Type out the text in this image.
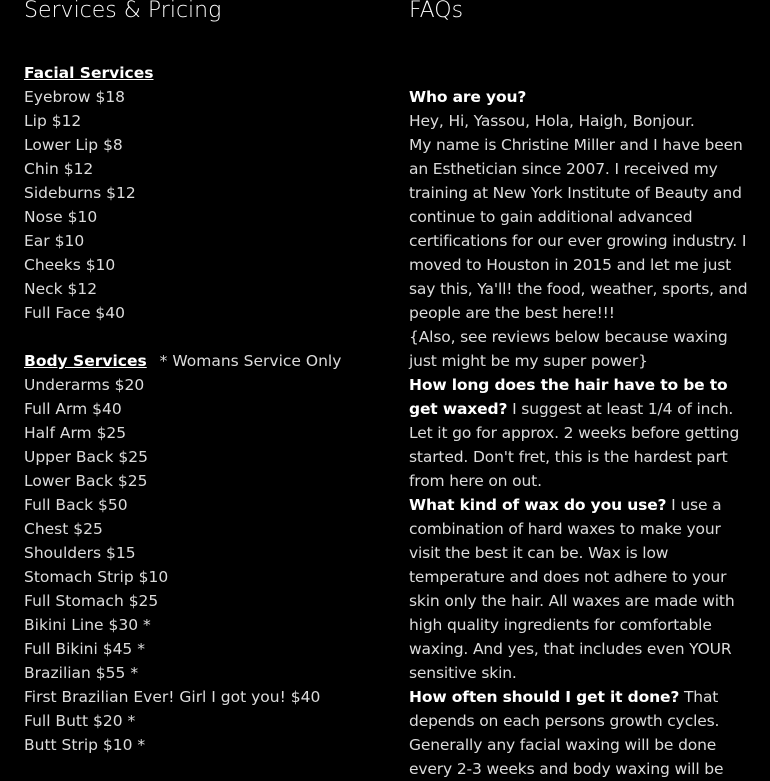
Services & Pricing
Facial Services
Eyebrow $18
Lip $12
Lower Lip $8
Chin $12
Sideburns $12
Nose $10
Ear $10
Cheeks $10
Neck $12
Full Face $40
Body Services * Womans Service Only
Underarms $20
Full Arm $40
Half Arm $25
Upper Back $25
Lower Back $25
Full Back $50
Chest $25
Shoulders $15
Stomach Strip $10
Full Stomach $25
Bikini Line $30 *
Full Bikini $45 *
Brazilian $55 *
First Brazilian Ever! Girl I got you! $40
Full Butt $20 *
Butt Strip $10 *
FAQs
Who are you?

Hey, Hi, Yassou, Hola, Haigh, Bonjour.

My name is Christine Miller and I have been an Esthetician since 2007. I received my training at New York Institute of Beauty and continue to gain additional advanced certifications for our ever growing industry. I moved to Houston in 2015 and let me just say this, Ya'll! the food, weather, sports, and people are the best here!!!

{Also, see reviews below because waxing just might be my super power}

How long does the hair have to be to get waxed? I suggest at least 1/4 of inch. Let it go for approx. 2 weeks before getting started. Don't fret, this is the hardest part from here on out.

What kind of wax do you use? I use a combination of hard waxes to make your visit the best it can be. Wax is low temperature and does not adhere to your skin only the hair. All waxes are made with high quality ingredients for comfortable waxing. And yes, that includes even YOUR sensitive skin.

How often should I get it done? That depends on each persons growth cycles. Generally any facial waxing will be done every 2-3 weeks and body waxing will be
